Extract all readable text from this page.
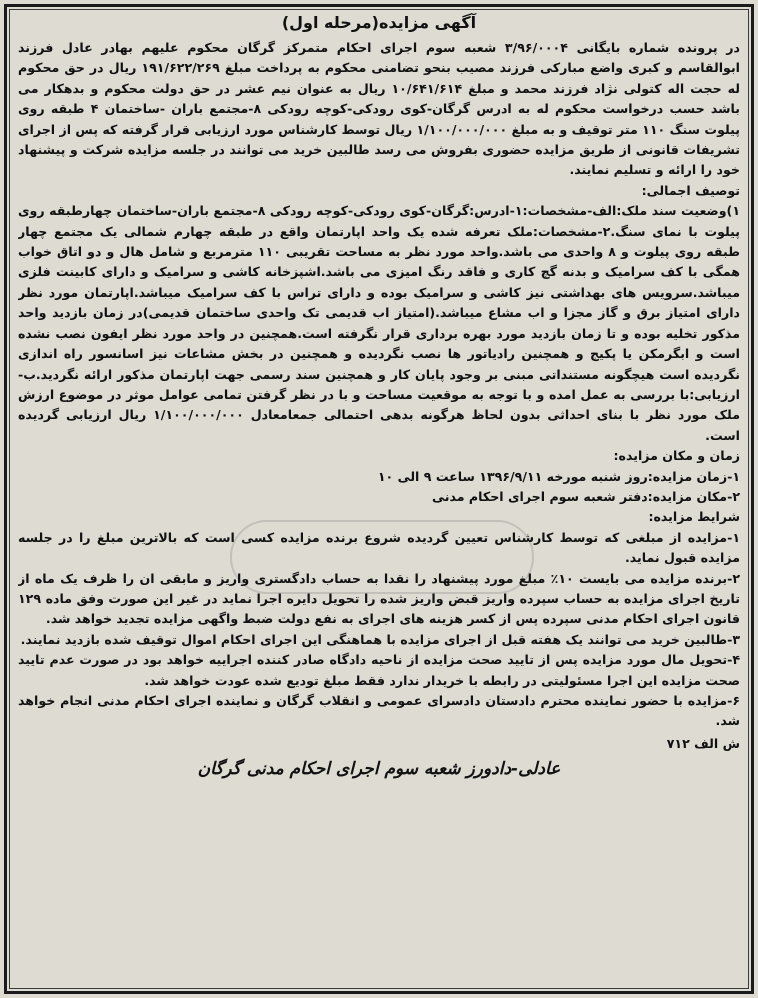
آگهی مزایده(مرحله اول)

در پرونده شماره بایگانی ۳/۹۶/۰۰۰۴ شعبه سوم اجرای احکام متمرکز گرگان محکوم علیهم بهادر عادل فرزند ابوالقاسم و کبری واضع مبارکی فرزند مصیب بنحو تضامنی محکوم به پرداخت مبلغ ۱۹۱/۶۲۲/۲۶۹ ریال در حق محکوم له حجت اله کتولی نژاد فرزند محمد و مبلغ ۱۰/۶۴۱/۶۱۴ ریال به عنوان نیم عشر در حق دولت محکوم و بدهکار می باشد حسب درخواست محکوم له به ادرس گرگان-کوی رودکی-کوچه رودکی ۸-مجتمع باران -ساختمان ۴ طبقه روی پیلوت سنگ ۱۱۰ متر توقیف و به مبلغ ۱/۱۰۰/۰۰۰/۰۰۰ ریال توسط کارشناس مورد ارزیابی قرار گرفته که پس از اجرای تشریفات قانونی از طریق مزایده حضوری بفروش می رسد طالبین خرید می توانند در جلسه مزایده شرکت و پیشنهاد خود را ارائه و تسلیم نمایند.

توصیف اجمالی:

۱)وضعیت سند ملک:الف-مشخصات:۱-ادرس:گرگان-کوی رودکی-کوچه رودکی ۸-مجتمع باران-ساختمان چهارطبقه روی پیلوت با نمای سنگ.۲-مشخصات:ملک تعرفه شده یک واحد اپارتمان واقع در طبقه چهارم شمالی یک مجتمع چهار طبقه روی پیلوت و ۸ واحدی می باشد.واحد مورد نظر به مساحت تقریبی ۱۱۰ مترمربع و شامل هال و دو اتاق خواب همگی با کف سرامیک و بدنه گچ کاری و فاقد رنگ امیزی می باشد.اشپزخانه کاشی و سرامیک و دارای کابینت فلزی میباشد.سرویس های بهداشتی نیز کاشی و سرامیک بوده و دارای تراس با کف سرامیک میباشد.اپارتمان مورد نظر دارای امتیاز برق و گاز مجزا و اب مشاع میباشد.(امتیاز اب قدیمی تک واحدی ساختمان قدیمی)در زمان بازدید واحد مذکور تخلیه بوده و تا زمان بازدید مورد بهره برداری قرار نگرفته است.همچنین در واحد مورد نظر ایفون نصب نشده است و ابگرمکن یا پکیج و همچنین رادیاتور ها نصب نگردیده و همچنین در بخش مشاعات نیز اسانسور راه اندازی نگردیده است هیچگونه مستنداتی مبنی بر وجود پایان کار و همچنین سند رسمی جهت اپارتمان مذکور ارائه نگردید.ب-ارزیابی:با بررسی به عمل امده و با توجه به موقعیت مساحت و با در نظر گرفتن تمامی عوامل موثر در موضوع ارزش ملک مورد نظر با بنای احداثی بدون لحاظ هرگونه بدهی احتمالی جمعامعادل ۱/۱۰۰/۰۰۰/۰۰۰ ریال ارزیابی گردیده است.

زمان و مکان مزایده:

۱-زمان مزایده:روز شنبه مورخه ۱۳۹۶/۹/۱۱ ساعت ۹ الی ۱۰

۲-مکان مزایده:دفتر شعبه سوم اجرای احکام مدنی

شرایط مزایده:

۱-مزایده از مبلغی که توسط کارشناس تعیین گردیده شروع برنده مزایده کسی است که بالاترین مبلغ را در جلسه مزایده قبول نماید.

۲-برنده مزایده می بایست ۱۰٪ مبلغ مورد پیشنهاد را نقدا به حساب دادگستری واریز و مابقی ان را ظرف یک ماه از تاریخ اجرای مزایده به حساب سپرده واریز قبض واریز شده را تحویل دایره اجرا نماید در غیر این صورت وفق ماده ۱۲۹ قانون اجرای احکام مدنی سپرده پس از کسر هزینه های اجرای به نفع دولت ضبط واگهی مزایده تجدید خواهد شد.

۳-طالبین خرید می توانند یک هفته قبل از اجرای مزایده با هماهنگی این اجرای احکام اموال توقیف شده بازدید نمایند.

۴-تحویل مال مورد مزایده پس از تایید صحت مزایده از ناحیه دادگاه صادر کننده اجراییه خواهد بود در صورت عدم تایید صحت مزایده این اجرا مسئولیتی در رابطه با خریدار ندارد فقط مبلغ تودیع شده عودت خواهد شد.

۶-مزایده با حضور نماینده محترم دادستان دادسرای عمومی و انقلاب گرگان و نماینده اجرای احکام مدنی انجام خواهد شد.

ش الف ۷۱۲

عادلی-دادورز شعبه سوم اجرای احکام مدنی گرگان
